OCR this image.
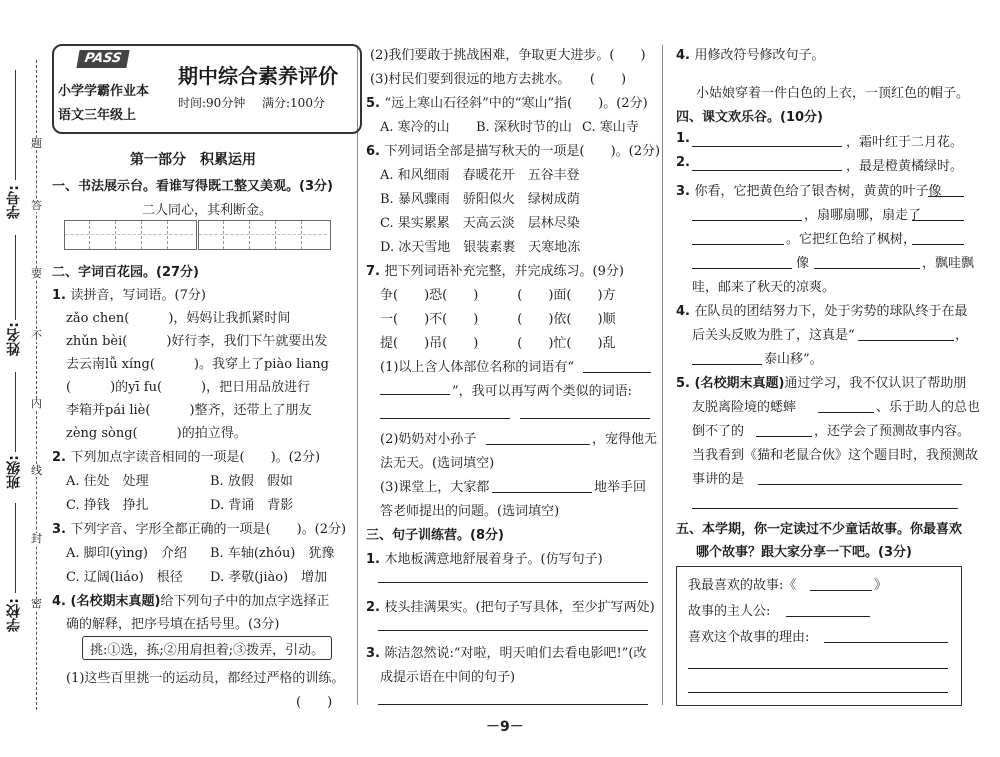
学号:
姓名:
班级:
学校:
题
答
要
不
内
线
封
密
PASS
小学学霸作业本
语文三年级上
期中综合素养评价
时间:90分钟 满分:100分
第一部分　积累运用
一、书法展示台。看谁写得既工整又美观。(3分)
二人同心，其利断金。
二、字词百花园。(27分)
1. 读拼音，写词语。(7分)
zǎo chen(　　　)，妈妈让我抓紧时间
zhǔn bèi(　　　)好行李，我们下午就要出发
去云南lǚ xíng(　　　)。我穿上了piào liang
(　　　)的yī fu(　　　)，把日用品放进行
李箱并pái liè(　　　)整齐，还带上了朋友
zèng sòng(　　　)的拍立得。
2. 下列加点字读音相同的一项是(　　)。(2分)
A. 住处　处理	B. 放假　假如
C. 挣钱　挣扎	D. 背诵　背影
3. 下列字音、字形全都正确的一项是(　　)。(2分)
A. 脚印(yìng)　介绍 B. 车轴(zhóu)　犹豫
C. 辽阔(liáo)　根径 D. 孝敬(jiào)　增加
4. (名校期末真题)给下列句子中的加点字选择正
确的解释，把序号填在括号里。(3分)
挑:①选，拣;②用肩担着;③拨弄，引动。
(1)这些百里挑一的运动员，都经过严格的训练。
(　　)
(2)我们要敢于挑战困难，争取更大进步。(　　)
(3)村民们要到很远的地方去挑水。　　(　　)
5. “远上寒山石径斜”中的“寒山”指(　　)。(2分)
A. 寒冷的山 B. 深秋时节的山 C. 寒山寺
6. 下列词语全部是描写秋天的一项是(　　)。(2分)
A. 和风细雨　春暖花开　五谷丰登
B. 暴风骤雨　骄阳似火　绿树成荫
C. 果实累累　天高云淡　层林尽染
D. 冰天雪地　银装素裹　天寒地冻
7. 把下列词语补充完整，并完成练习。(9分)
争(　　)恐(　　)　　　(　　)面(　　)方
一(　　)不(　　)　　　(　　)依(　　)顺
提(　　)吊(　　)　　　(　　)忙(　　)乱
(1)以上含人体部位名称的词语有“
”，我可以再写两个类似的词语:
(2)奶奶对小孙子	，宠得他无
法无天。(选词填空)
(3)课堂上，大家都	地举手回
答老师提出的问题。(选词填空)
三、句子训练营。(8分)
1. 木地板满意地舒展着身子。(仿写句子)
2. 枝头挂满果实。(把句子写具体，至少扩写两处)
3. 陈洁忽然说:“对啦，明天咱们去看电影吧!”(改
成提示语在中间的句子)
4. 用修改符号修改句子。
小姑娘穿着一件白色的上衣，一顶红色的帽子。
四、课文欢乐谷。(10分)
1.	，霜叶红于二月花。
2.	，最是橙黄橘绿时。
3. 你看，它把黄色给了银杏树，黄黄的叶子像
，扇哪扇哪，扇走了
。它把红色给了枫树，
像	，飘哇飘
哇，邮来了秋天的凉爽。
4. 在队员的团结努力下，处于劣势的球队终于在最
后关头反败为胜了，这真是“	，
泰山移”。
5. (名校期末真题)通过学习，我不仅认识了帮助朋
友脱离险境的蟋蟀	、乐于助人的总也
倒不了的	，还学会了预测故事内容。
当我看到《猫和老鼠合伙》这个题目时，我预测故
事讲的是
五、本学期，你一定读过不少童话故事。你最喜欢
哪个故事？跟大家分享一下吧。(3分)
我最喜欢的故事:《	》
故事的主人公:
喜欢这个故事的理由:
－9－
